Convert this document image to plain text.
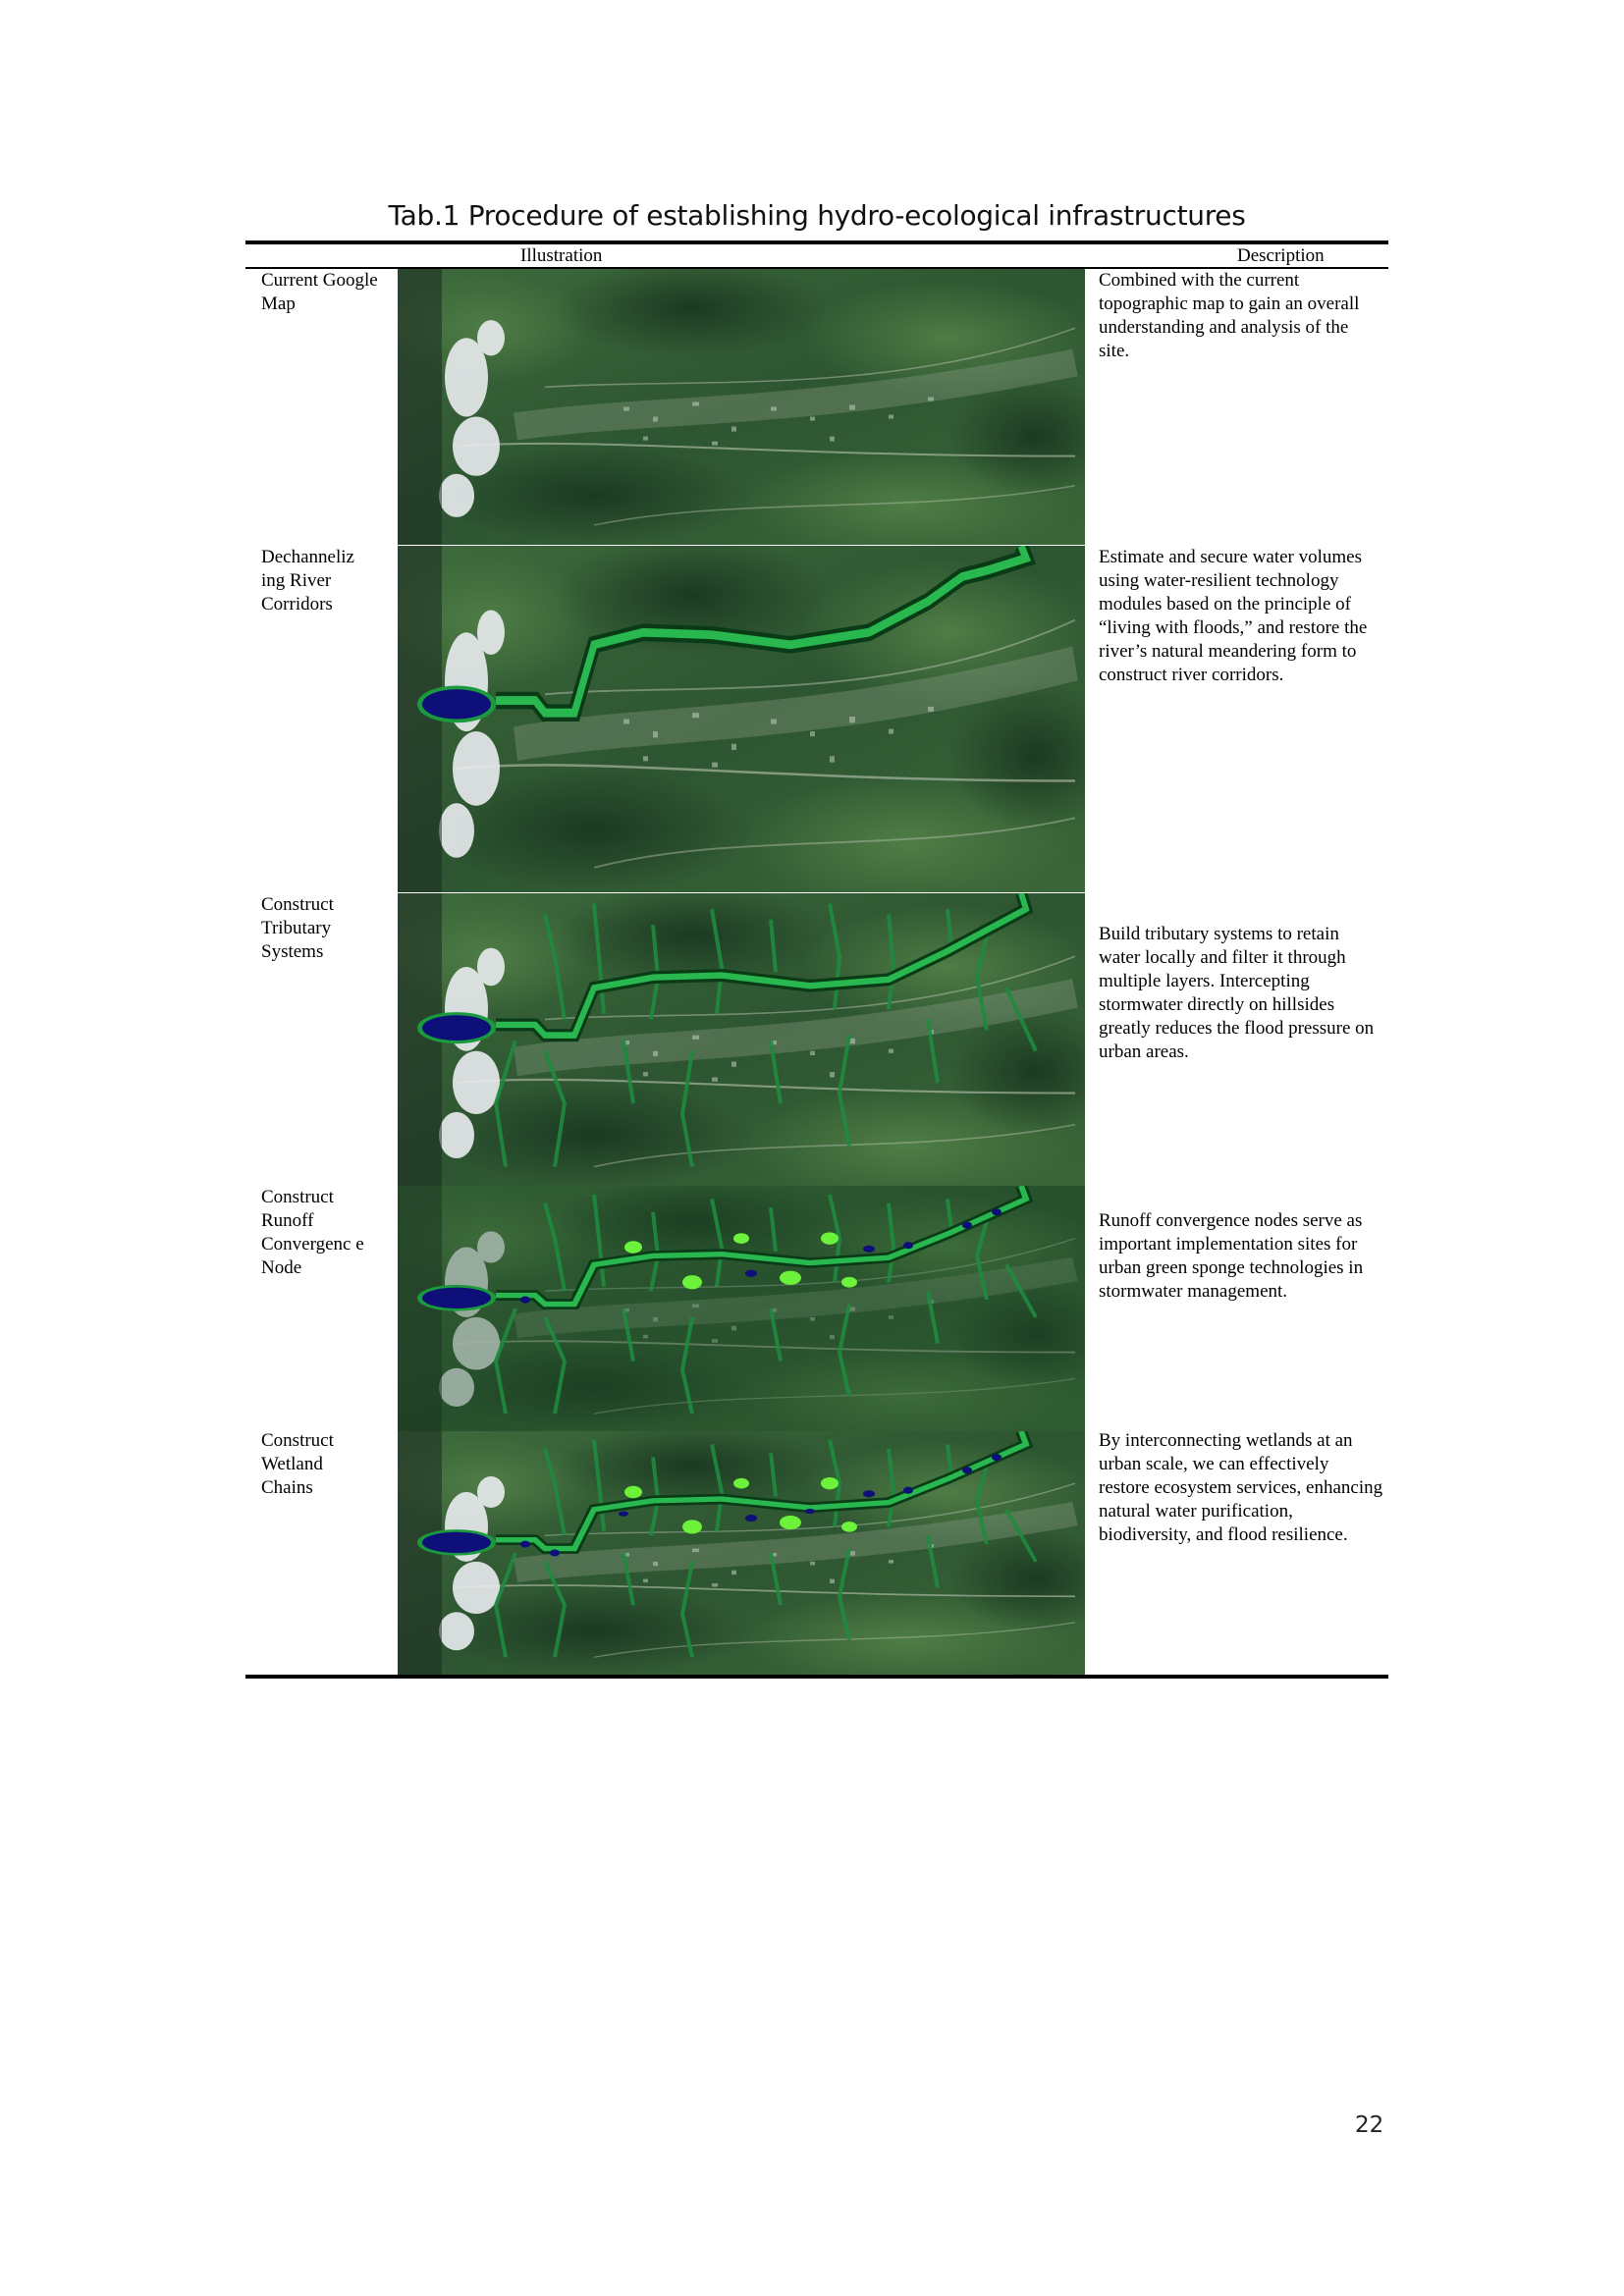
Tab.1 Procedure of establishing hydro-ecological infrastructures
Illustration	Description
Current Google Map
Combined with the current topographic map to gain an overall understanding and analysis of the site.
Dechanneliz ing River Corridors
Estimate and secure water volumes using water-resilient technology modules based on the principle of “living with floods,” and restore the river’s natural meandering form to construct river corridors.
Construct Tributary Systems
Build tributary systems to retain water locally and filter it through multiple layers. Intercepting stormwater directly on hillsides greatly reduces the flood pressure on urban areas.
Construct Runoff Convergenc e Node
Runoff convergence nodes serve as important implementation sites for urban green sponge technologies in stormwater management.
Construct Wetland Chains
By interconnecting wetlands at an urban scale, we can effectively restore ecosystem services, enhancing natural water purification, biodiversity, and flood resilience.
22
